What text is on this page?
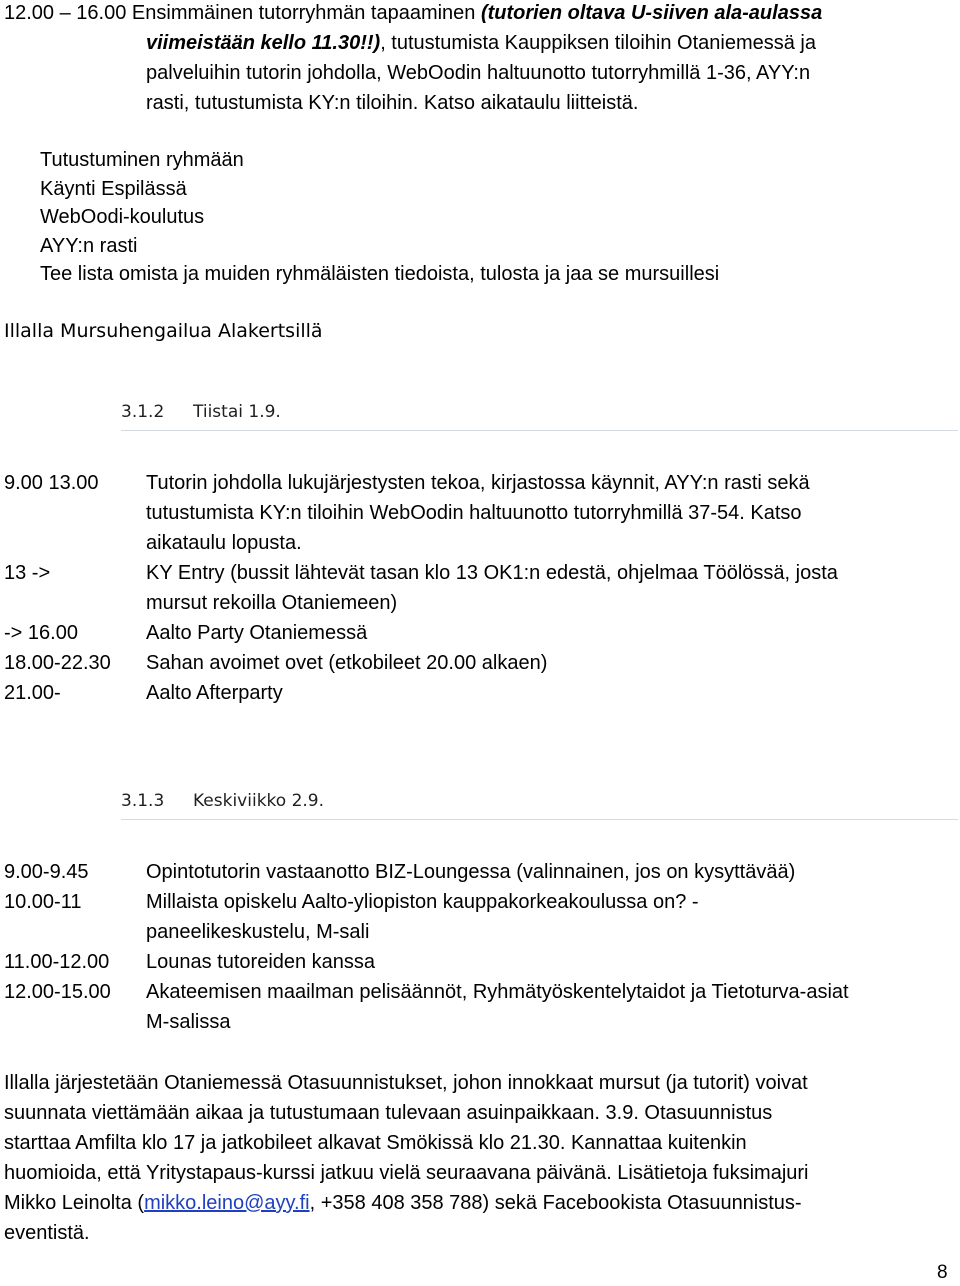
12.00 – 16.00 Ensimmäinen tutorryhmän tapaaminen (tutorien oltava U-siiven ala-aulassa
viimeistään kello 11.30!!), tutustumista Kauppiksen tiloihin Otaniemessä ja
palveluihin tutorin johdolla, WebOodin haltuunotto tutorryhmillä 1-36, AYY:n
rasti, tutustumista KY:n tiloihin. Katso aikataulu liitteistä.
Tutustuminen ryhmään
Käynti Espilässä
WebOodi-koulutus
AYY:n rasti
Tee lista omista ja muiden ryhmäläisten tiedoista, tulosta ja jaa se mursuillesi
Illalla Mursuhengailua Alakertsillä
3.1.2 Tiistai 1.9.
9.00 13.00 Tutorin johdolla lukujärjestysten tekoa, kirjastossa käynnit, AYY:n rasti sekä
tutustumista KY:n tiloihin WebOodin haltuunotto tutorryhmillä 37-54. Katso
aikataulu lopusta.
13 ->	KY Entry (bussit lähtevät tasan klo 13 OK1:n edestä, ohjelmaa Töölössä, josta
mursut rekoilla Otaniemeen)
-> 16.00	Aalto Party Otaniemessä
18.00-22.30 Sahan avoimet ovet (etkobileet 20.00 alkaen)
21.00-	Aalto Afterparty
3.1.3 Keskiviikko 2.9.
9.00-9.45	Opintotutorin vastaanotto BIZ-Loungessa (valinnainen, jos on kysyttävää)
10.00-11	Millaista opiskelu Aalto-yliopiston kauppakorkeakoulussa on? -
paneelikeskustelu, M-sali
11.00-12.00 Lounas tutoreiden kanssa
12.00-15.00 Akateemisen maailman pelisäännöt, Ryhmätyöskentelytaidot ja Tietoturva-asiat
M-salissa
Illalla järjestetään Otaniemessä Otasuunnistukset, johon innokkaat mursut (ja tutorit) voivat
suunnata viettämään aikaa ja tutustumaan tulevaan asuinpaikkaan. 3.9. Otasuunnistus
starttaa Amfilta klo 17 ja jatkobileet alkavat Smökissä klo 21.30. Kannattaa kuitenkin
huomioida, että Yritystapaus-kurssi jatkuu vielä seuraavana päivänä. Lisätietoja fuksimajuri
Mikko Leinolta (mikko.leino@ayy.fi, +358 408 358 788) sekä Facebookista Otasuunnistus-
eventistä.
8
